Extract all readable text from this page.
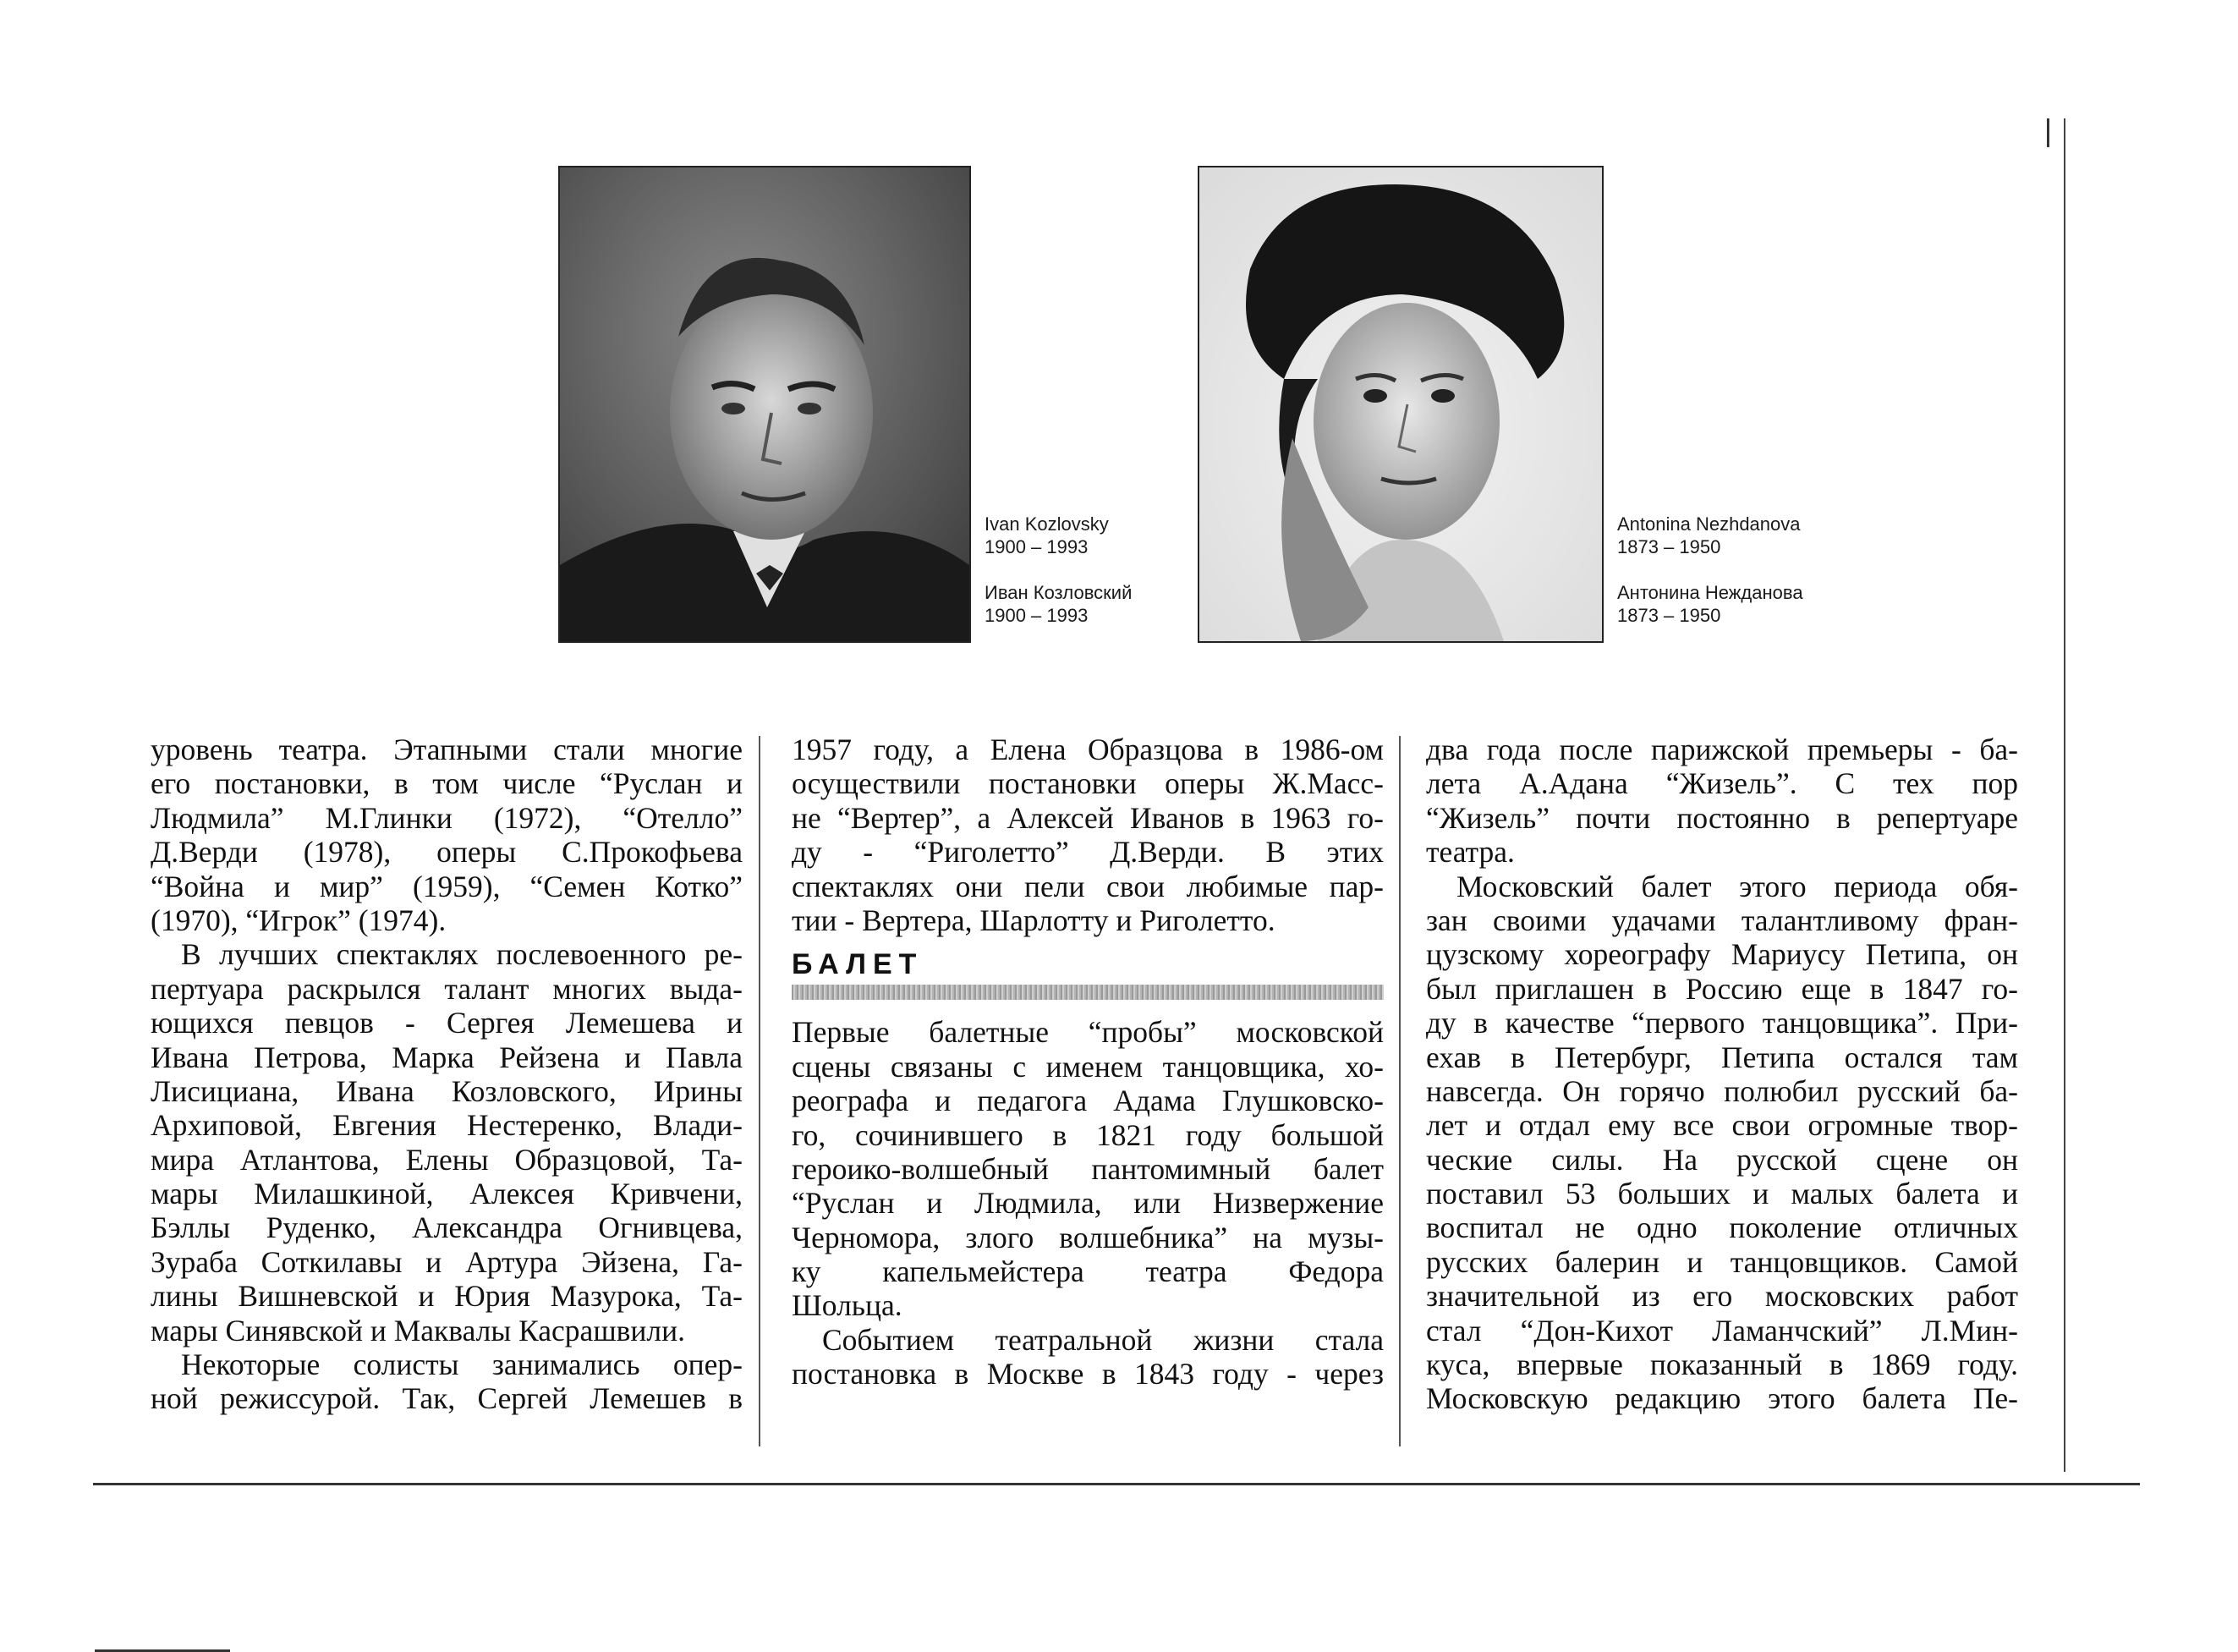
Ivan Kozlovsky
1900 – 1993
Иван Козловский
1900 – 1993
Antonina Nezhdanova
1873 – 1950
Антонина Нежданова
1873 – 1950
уровень театра. Этапными стали многие
его постановки, в том числе “Руслан и
Людмила” М.Глинки (1972), “Отелло”
Д.Верди (1978), оперы С.Прокофьева
“Война и мир” (1959), “Семен Котко”
(1970), “Игрок” (1974).
В лучших спектаклях послевоенного ре-
пертуара раскрылся талант многих выда-
ющихся певцов - Сергея Лемешева и
Ивана Петрова, Марка Рейзена и Павла
Лисициана, Ивана Козловского, Ирины
Архиповой, Евгения Нестеренко, Влади-
мира Атлантова, Елены Образцовой, Та-
мары Милашкиной, Алексея Кривчени,
Бэллы Руденко, Александра Огнивцева,
Зураба Соткилавы и Артура Эйзена, Га-
лины Вишневской и Юрия Мазурока, Та-
мары Синявской и Маквалы Касрашвили.
Некоторые солисты занимались опер-
ной режиссурой. Так, Сергей Лемешев в
1957 году, а Елена Образцова в 1986-ом
осуществили постановки оперы Ж.Масс-
не “Вертер”, а Алексей Иванов в 1963 го-
ду - “Риголетто” Д.Верди. В этих
спектаклях они пели свои любимые пар-
тии - Вертера, Шарлотту и Риголетто.
БАЛЕТ
Первые балетные “пробы” московской
сцены связаны с именем танцовщика, хо-
реографа и педагога Адама Глушковско-
го, сочинившего в 1821 году большой
героико-волшебный пантомимный балет
“Руслан и Людмила, или Низвержение
Черномора, злого волшебника” на музы-
ку капельмейстера театра Федора
Шольца.
Событием театральной жизни стала
постановка в Москве в 1843 году - через
два года после парижской премьеры - ба-
лета А.Адана “Жизель”. С тех пор
“Жизель” почти постоянно в репертуаре
театра.
Московский балет этого периода обя-
зан своими удачами талантливому фран-
цузскому хореографу Мариусу Петипа, он
был приглашен в Россию еще в 1847 го-
ду в качестве “первого танцовщика”. При-
ехав в Петербург, Петипа остался там
навсегда. Он горячо полюбил русский ба-
лет и отдал ему все свои огромные твор-
ческие силы. На русской сцене он
поставил 53 больших и малых балета и
воспитал не одно поколение отличных
русских балерин и танцовщиков. Самой
значительной из его московских работ
стал “Дон-Кихот Ламанчский” Л.Мин-
куса, впервые показанный в 1869 году.
Московскую редакцию этого балета Пе-
